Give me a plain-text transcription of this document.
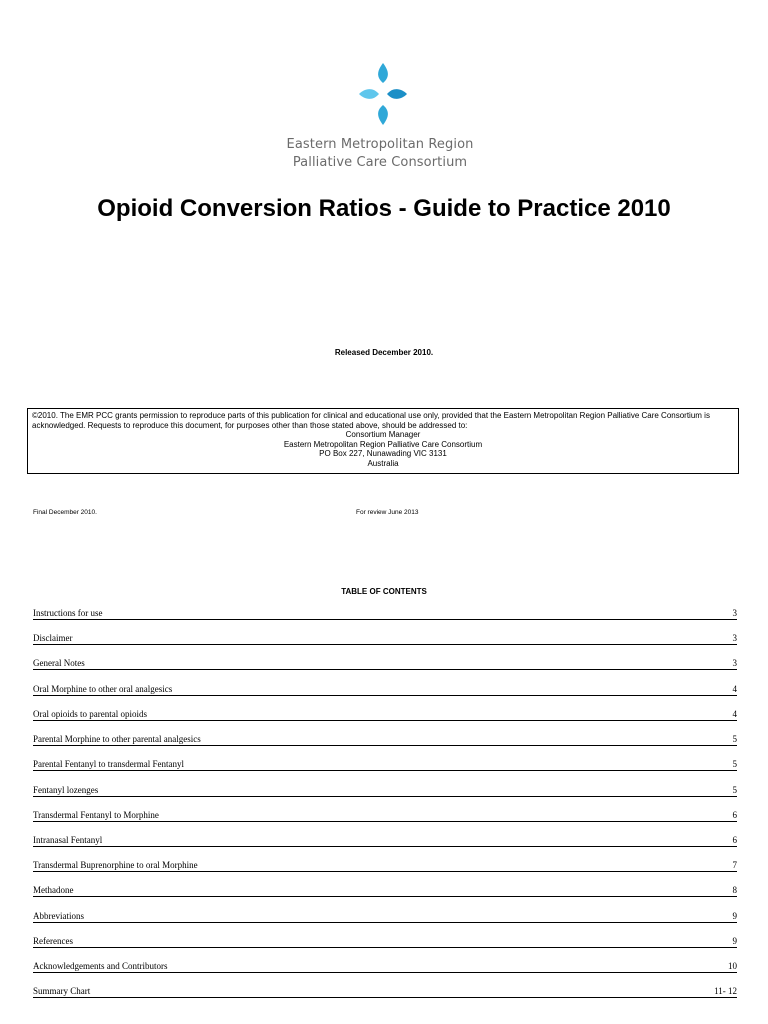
Eastern Metropolitan Region
Palliative Care Consortium
Opioid Conversion Ratios - Guide to Practice 2010
Released December 2010.
©2010. The EMR PCC grants permission to reproduce parts of this publication for clinical and educational use only, provided that the Eastern Metropolitan Region Palliative Care Consortium is acknowledged. Requests to reproduce this document, for purposes other than those stated above, should be addressed to:
Consortium Manager
Eastern Metropolitan Region Palliative Care Consortium
PO Box 227, Nunawading VIC 3131
Australia
Final December 2010.	For review June 2013
TABLE OF CONTENTS
Instructions for use	3
Disclaimer	3
General Notes	3
Oral Morphine to other oral analgesics	4
Oral opioids to parental opioids	4
Parental Morphine to other parental analgesics	5
Parental Fentanyl to transdermal Fentanyl	5
Fentanyl lozenges	5
Transdermal Fentanyl to Morphine	6
Intranasal Fentanyl	6
Transdermal Buprenorphine to oral Morphine	7
Methadone	8
Abbreviations	9
References	9
Acknowledgements and Contributors	10
Summary Chart	11- 12
